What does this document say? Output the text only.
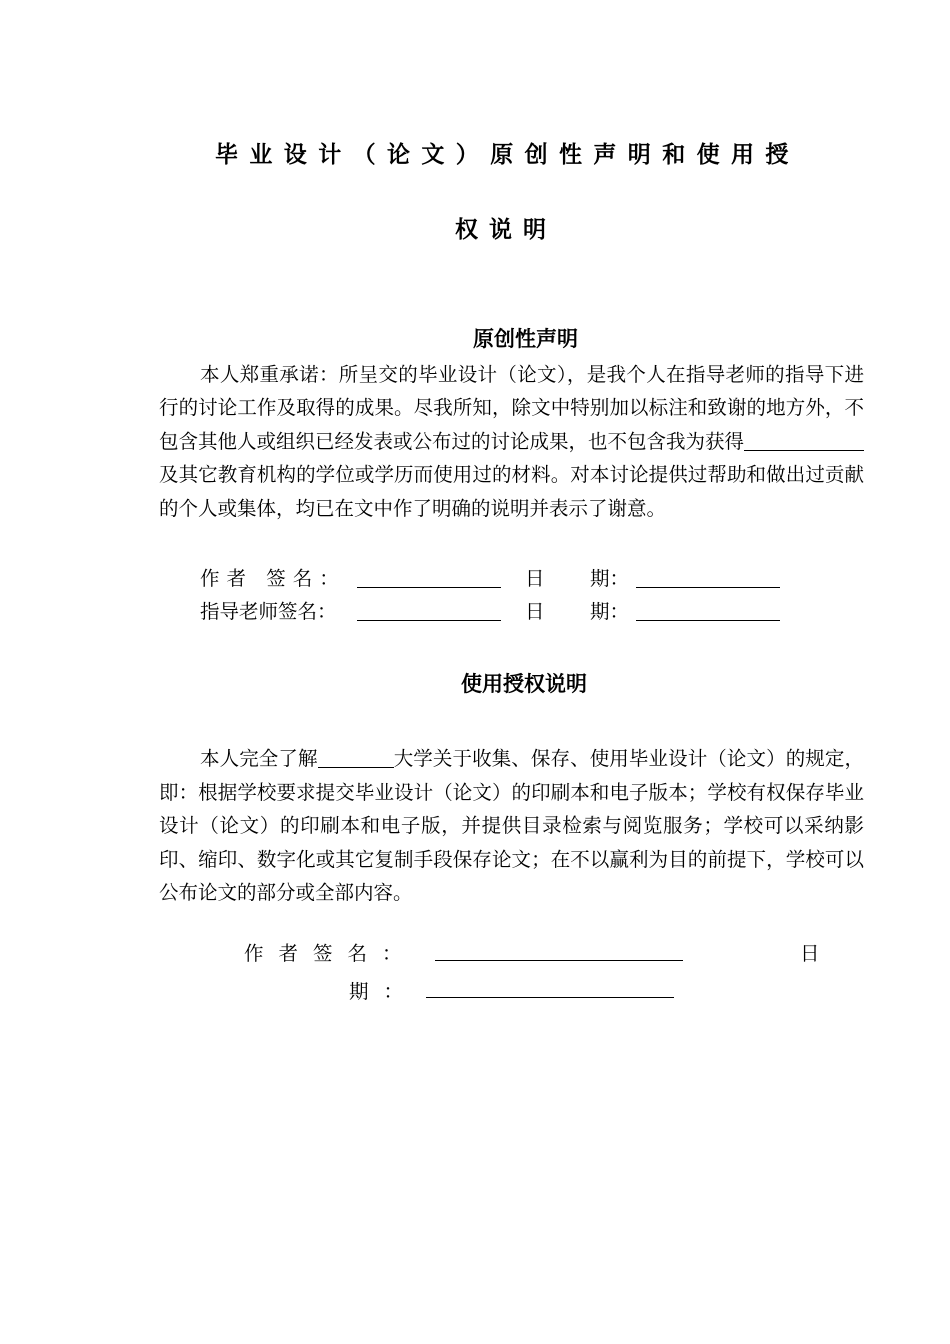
毕业设计（论文）原创性声明和使用授
权说明
原创性声明

本人郑重承诺：所呈交的毕业设计（论文），是我个人在指导老师的指导下进行的讨论工作及取得的成果。尽我所知，除文中特别加以标注和致谢的地方外，不包含其他人或组织已经发表或公布过的讨论成果，也不包含我为获得及其它教育机构的学位或学历而使用过的材料。对本讨论提供过帮助和做出过贡献的个人或集体，均已在文中作了明确的说明并表示了谢意。

作者 签名：	日 期：
指导老师签名：	日 期：
使用授权说明

本人完全了解	大学关于收集、保存、使用毕业设计（论文）的规定，即：根据学校要求提交毕业设计（论文）的印刷本和电子版本；学校有权保存毕业设计（论文）的印刷本和电子版，并提供目录检索与阅览服务；学校可以采纳影印、缩印、数字化或其它复制手段保存论文；在不以赢利为目的前提下，学校可以公布论文的部分或全部内容。

作者签名：	日
期：
